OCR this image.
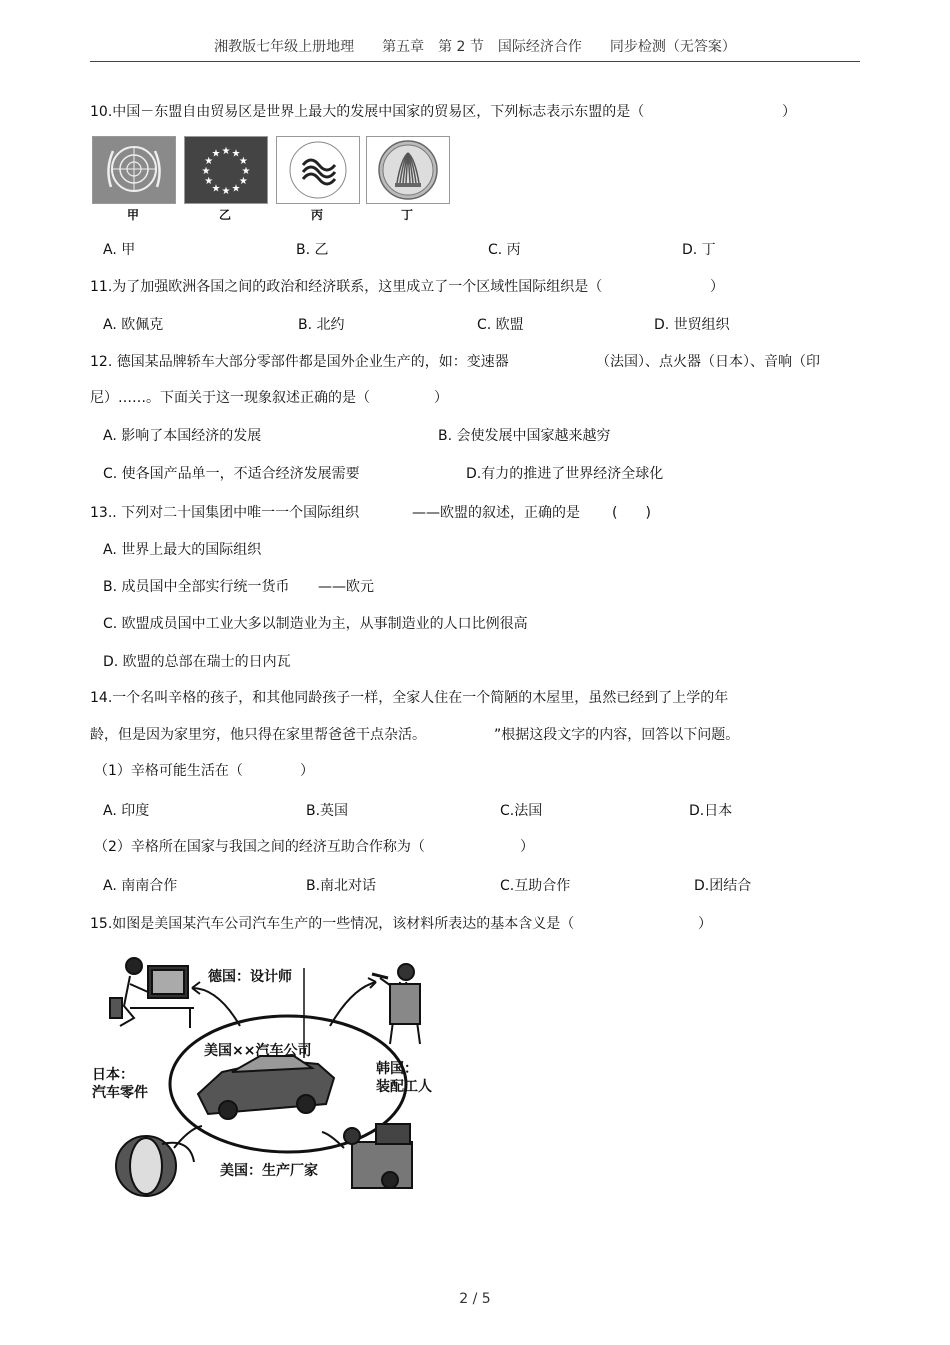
湘教版七年级上册地理　　第五章　第 2 节　国际经济合作　　同步检测（无答案）
10.中国－东盟自由贸易区是世界上最大的发展中国家的贸易区，下列标志表示东盟的是（	）
甲
★ ★
★
★
★
★
★
★
★
★
★
★
乙	丙	丁
A. 甲	B. 乙	C. 丙	D. 丁
11.为了加强欧洲各国之间的政治和经济联系，这里成立了一个区域性国际组织是（	）
A. 欧佩克	B. 北约	C. 欧盟	D. 世贸组织
12. 德国某品牌轿车大部分零部件都是国外企业生产的，如：变速器	（法国）、点火器（日本）、音响（印
尼）……。下面关于这一现象叙述正确的是（	）
A. 影响了本国经济的发展	B. 会使发展中国家越来越穷
C. 使各国产品单一，不适合经济发展需要	D.有力的推进了世界经济全球化
13.. 下列对二十国集团中唯一一个国际组织	——欧盟的叙述，正确的是 (　　)
A. 世界上最大的国际组织
B. 成员国中全部实行统一货币 ——欧元
C. 欧盟成员国中工业大多以制造业为主，从事制造业的人口比例很高
D. 欧盟的总部在瑞士的日内瓦
14.一个名叫辛格的孩子，和其他同龄孩子一样，全家人住在一个简陋的木屋里，虽然已经到了上学的年
龄，但是因为家里穷，他只得在家里帮爸爸干点杂活。	”根据这段文字的内容，回答以下问题。
（1）辛格可能生活在（	）
A. 印度	B.英国	C.法国	D.日本
（2）辛格所在国家与我国之间的经济互助合作称为（	）
A. 南南合作	B.南北对话	C.互助合作	D.团结合
15.如图是美国某汽车公司汽车生产的一些情况，该材料所表达的基本含义是（	）
德国：设计师
美国××汽车公司
日本：
汽车零件
韩国：
装配工人
美国：生产厂家
2 / 5
